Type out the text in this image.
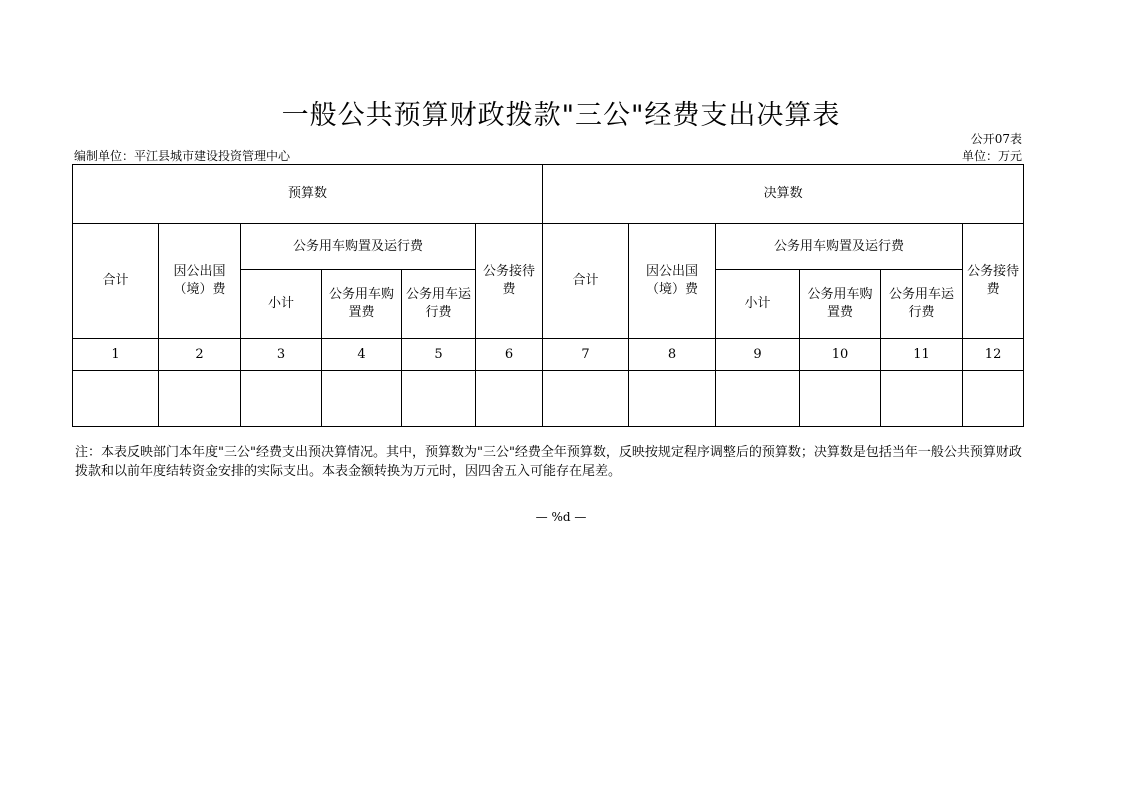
一般公共预算财政拨款"三公"经费支出决算表
公开07表
编制单位：平江县城市建设投资管理中心	单位：万元
预算数						决算数					
合计	因公出国（境）费	公务用车购置及运行费			公务接待费	合计	因公出国（境）费	公务用车购置及运行费			公务接待费
		小计	公务用车购置费	公务用车运行费				小计	公务用车购置费	公务用车运行费	
1	2	3	4	5	6	7	8	9	10	11	12

注：本表反映部门本年度"三公"经费支出预决算情况。其中，预算数为"三公"经费全年预算数，反映按规定程序调整后的预算数；决算数是包括当年一般公共预算财政拨款和以前年度结转资金安排的实际支出。本表金额转换为万元时，因四舍五入可能存在尾差。

— %d —
